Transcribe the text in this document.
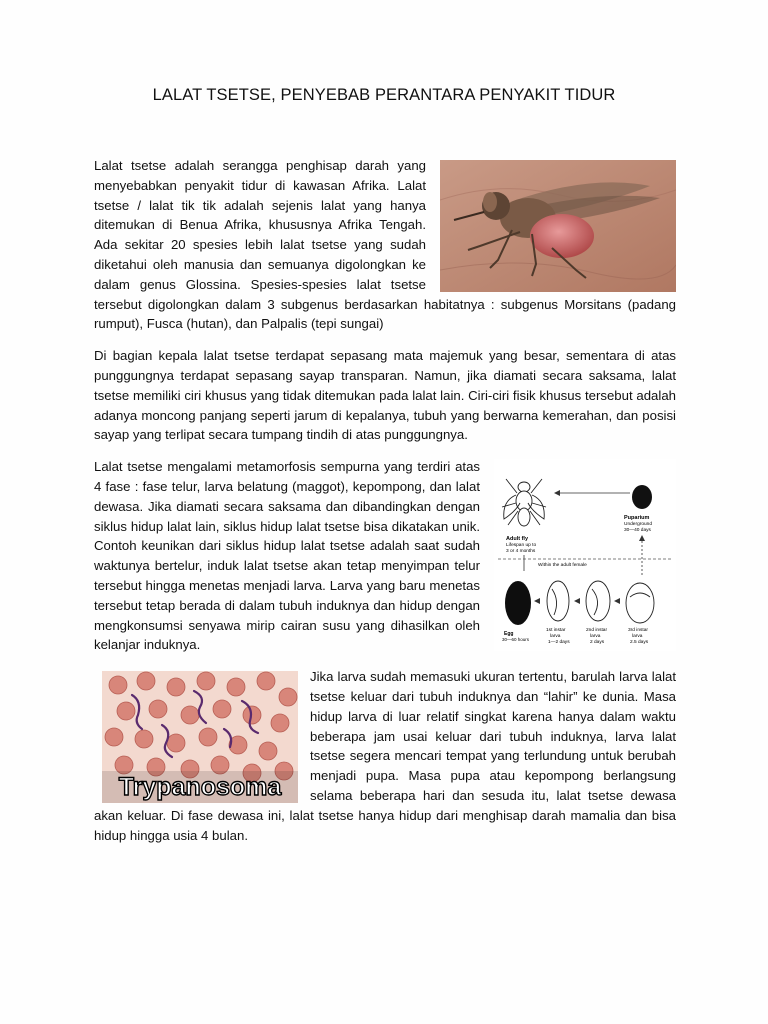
LALAT TSETSE, PENYEBAB PERANTARA PENYAKIT TIDUR

Lalat tsetse adalah serangga penghisap darah yang menyebabkan penyakit tidur di kawasan Afrika. Lalat tsetse / lalat tik tik adalah sejenis lalat yang hanya ditemukan di Benua Afrika, khususnya Afrika Tengah. Ada sekitar 20 spesies lebih lalat tsetse yang sudah diketahui oleh manusia dan semuanya digolongkan ke dalam genus Glossina. Spesies-spesies lalat tsetse tersebut digolongkan dalam 3 subgenus berdasarkan habitatnya : subgenus Morsitans (padang rumput), Fusca (hutan), dan Palpalis (tepi sungai)

Di bagian kepala lalat tsetse terdapat sepasang mata majemuk yang besar, sementara di atas punggungnya terdapat sepasang sayap transparan. Namun, jika diamati secara saksama, lalat tsetse memiliki ciri khusus yang tidak ditemukan pada lalat lain. Ciri-ciri fisik khusus tersebut adalah adanya moncong panjang seperti jarum di kepalanya, tubuh yang berwarna kemerahan, dan posisi sayap yang terlipat secara tumpang tindih di atas punggungnya.

Adult fly
Lifespan up to
3 or 4 months
Puparium
Underground
30—40 days
Within the adult female
Egg
30—60 hours
1st instar
larva
1—2 days
2nd instar
larva
2 days
3rd instar
larva
2.5 days

Lalat tsetse mengalami metamorfosis sempurna yang terdiri atas 4 fase : fase telur, larva belatung (maggot), kepompong, dan lalat dewasa. Jika diamati secara saksama dan dibandingkan dengan siklus hidup lalat lain, siklus hidup lalat tsetse bisa dikatakan unik. Contoh keunikan dari siklus hidup lalat tsetse adalah saat sudah waktunya bertelur, induk lalat tsetse akan tetap menyimpan telur tersebut hingga menetas menjadi larva. Larva yang baru menetas tersebut tetap berada di dalam tubuh induknya dan hidup dengan mengkonsumsi senyawa mirip cairan susu yang dihasilkan oleh kelanjar induknya.

Trypanosoma

Jika larva sudah memasuki ukuran tertentu, barulah larva lalat tsetse keluar dari tubuh induknya dan “lahir” ke dunia. Masa hidup larva di luar relatif singkat karena hanya dalam waktu beberapa jam usai keluar dari tubuh induknya, larva lalat tsetse segera mencari tempat yang terlundung untuk berubah menjadi pupa. Masa pupa atau kepompong berlangsung selama beberapa hari dan sesuda itu, lalat tsetse dewasa akan keluar. Di fase dewasa ini, lalat tsetse hanya hidup dari menghisap darah mamalia dan bisa hidup hingga usia 4 bulan.
